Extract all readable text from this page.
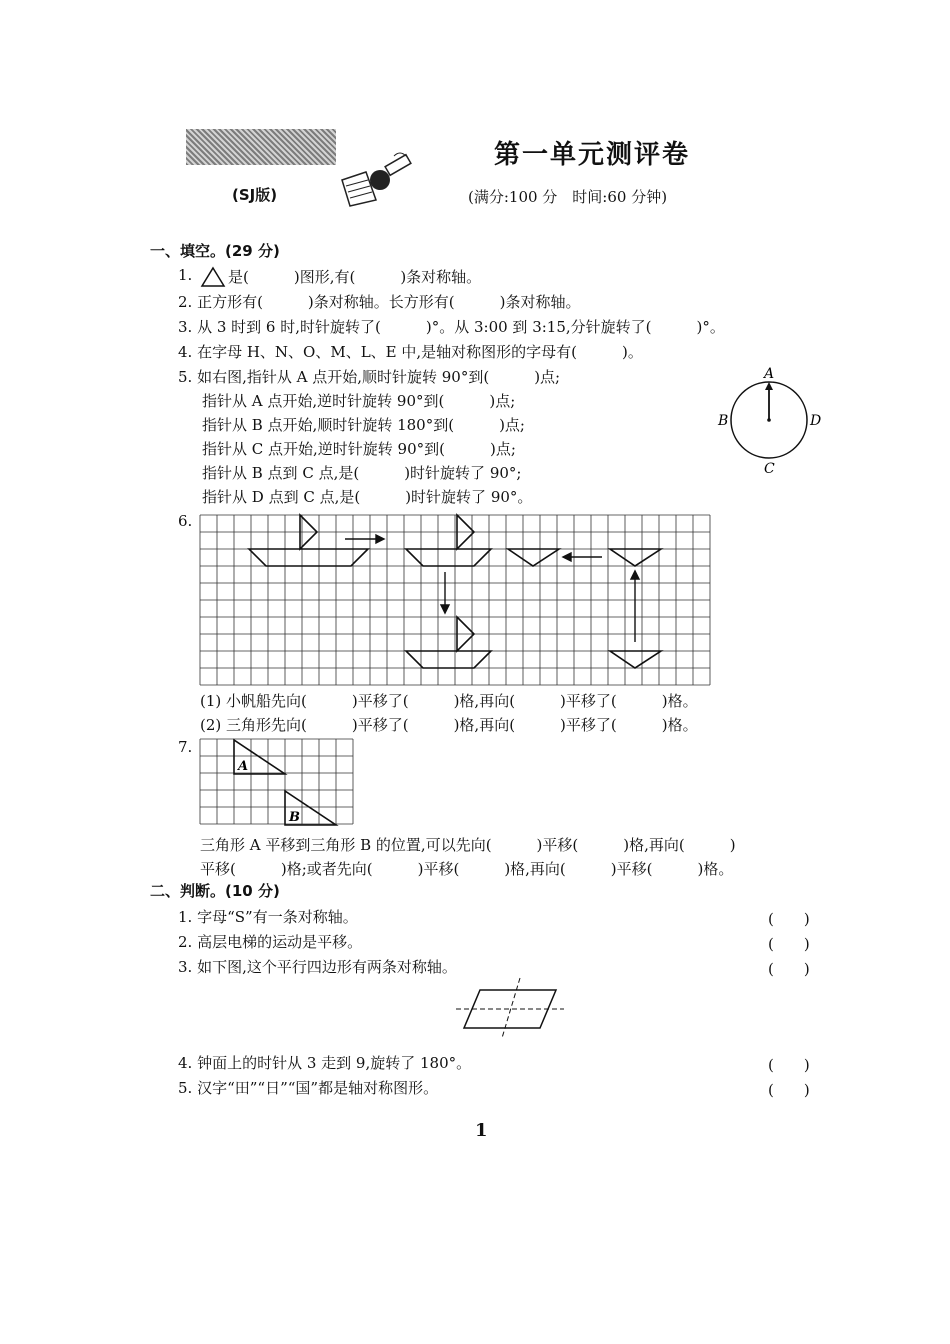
(SJ版)
第一单元测评卷
(满分:100 分　时间:60 分钟)
一、填空。(29 分)
1. 是(　　　)图形,有(　　　)条对称轴。
2. 正方形有(　　　)条对称轴。长方形有(　　　)条对称轴。
3. 从 3 时到 6 时,时针旋转了(　　　)°。从 3:00 到 3:15,分针旋转了(　　　)°。
4. 在字母 H、N、O、M、L、E 中,是轴对称图形的字母有(　　　)。
5. 如右图,指针从 A 点开始,顺时针旋转 90°到(　　　)点;
指针从 A 点开始,逆时针旋转 90°到(　　　)点;
指针从 B 点开始,顺时针旋转 180°到(　　　)点;
指针从 C 点开始,逆时针旋转 90°到(　　　)点;
指针从 B 点到 C 点,是(　　　)时针旋转了 90°;
指针从 D 点到 C 点,是(　　　)时针旋转了 90°。
A
B
C
D
6.
(1) 小帆船先向(　　　)平移了(　　　)格,再向(　　　)平移了(　　　)格。
(2) 三角形先向(　　　)平移了(　　　)格,再向(　　　)平移了(　　　)格。
7.
A
B
三角形 A 平移到三角形 B 的位置,可以先向(　　　)平移(　　　)格,再向(　　　)
平移(　　　)格;或者先向(　　　)平移(　　　)格,再向(　　　)平移(　　　)格。
二、判断。(10 分)
1. 字母“S”有一条对称轴。	(　　)
2. 高层电梯的运动是平移。	(　　)
3. 如下图,这个平行四边形有两条对称轴。	(　　)
4. 钟面上的时针从 3 走到 9,旋转了 180°。	(　　)
5. 汉字“田”“日”“国”都是轴对称图形。	(　　)
1
